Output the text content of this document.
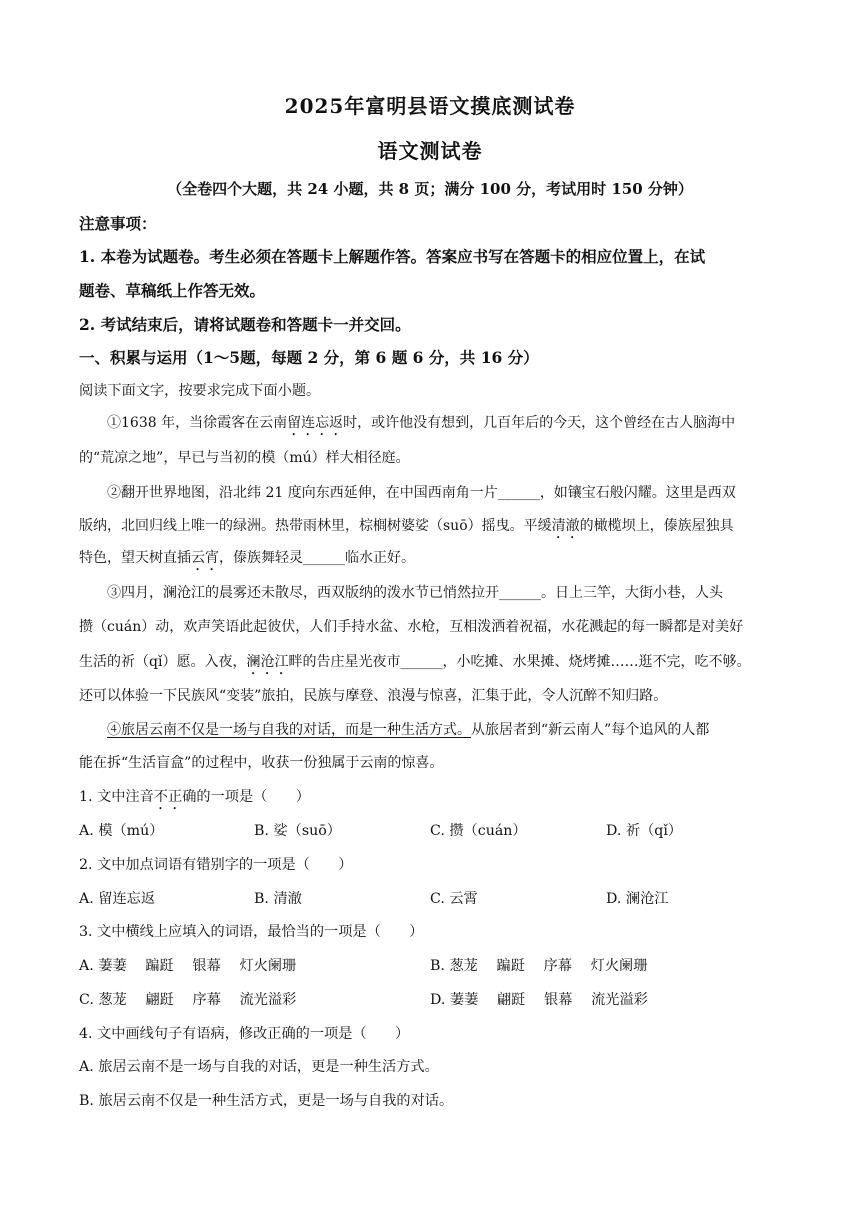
2025年富明县语文摸底测试卷
语文测试卷
（全卷四个大题，共 24 小题，共 8 页；满分 100 分，考试用时 150 分钟）
注意事项：
1. 本卷为试题卷。考生必须在答题卡上解题作答。答案应书写在答题卡的相应位置上，在试
题卷、草稿纸上作答无效。
2. 考试结束后，请将试题卷和答题卡一并交回。
一、积累与运用（1～5题，每题 2 分，第 6 题 6 分，共 16 分）
阅读下面文字，按要求完成下面小题。
①1638 年，当徐霞客在云南留连忘返时，或许他没有想到，几百年后的今天，这个曾经在古人脑海中
的“荒凉之地”，早已与当初的模（mú）样大相径庭。
②翻开世界地图，沿北纬 21 度向东西延伸，在中国西南角一片______，如镶宝石般闪耀。这里是西双
版纳，北回归线上唯一的绿洲。热带雨林里，棕榈树婆娑（suō）摇曳。平缓清澈的橄榄坝上，傣族屋独具
特色，望天树直插云宵，傣族舞轻灵______临水正好。
③四月，澜沧江的晨雾还未散尽，西双版纳的泼水节已悄然拉开______。日上三竿，大街小巷，人头
攒（cuán）动，欢声笑语此起彼伏，人们手持水盆、水枪，互相泼洒着祝福，水花溅起的每一瞬都是对美好
生活的祈（qǐ）愿。入夜，澜沧江畔的告庄星光夜市______，小吃摊、水果摊、烧烤摊……逛不完，吃不够。
还可以体验一下民族风“变装”旅拍，民族与摩登、浪漫与惊喜，汇集于此，令人沉醉不知归路。
④旅居云南不仅是一场与自我的对话，而是一种生活方式。从旅居者到“新云南人”每个追风的人都
能在拆“生活盲盒”的过程中，收获一份独属于云南的惊喜。
1. 文中注音不正确的一项是（　　）
A. 模（mú）	B. 娑（suō）	C. 攒（cuán）	D. 祈（qǐ）
2. 文中加点词语有错别字的一项是（　　）
A. 留连忘返	B. 清澈	C. 云霄	D. 澜沧江
3. 文中横线上应填入的词语，最恰当的一项是（　　）
A. 萋萋　 蹁跹　 银幕　 灯火阑珊	B. 葱茏　 蹁跹　 序幕　 灯火阑珊
C. 葱茏　 翩跹　 序幕　 流光溢彩	D. 萋萋　 翩跹　 银幕　 流光溢彩
4. 文中画线句子有语病，修改正确的一项是（　　）
A. 旅居云南不是一场与自我的对话，更是一种生活方式。
B. 旅居云南不仅是一种生活方式，更是一场与自我的对话。
